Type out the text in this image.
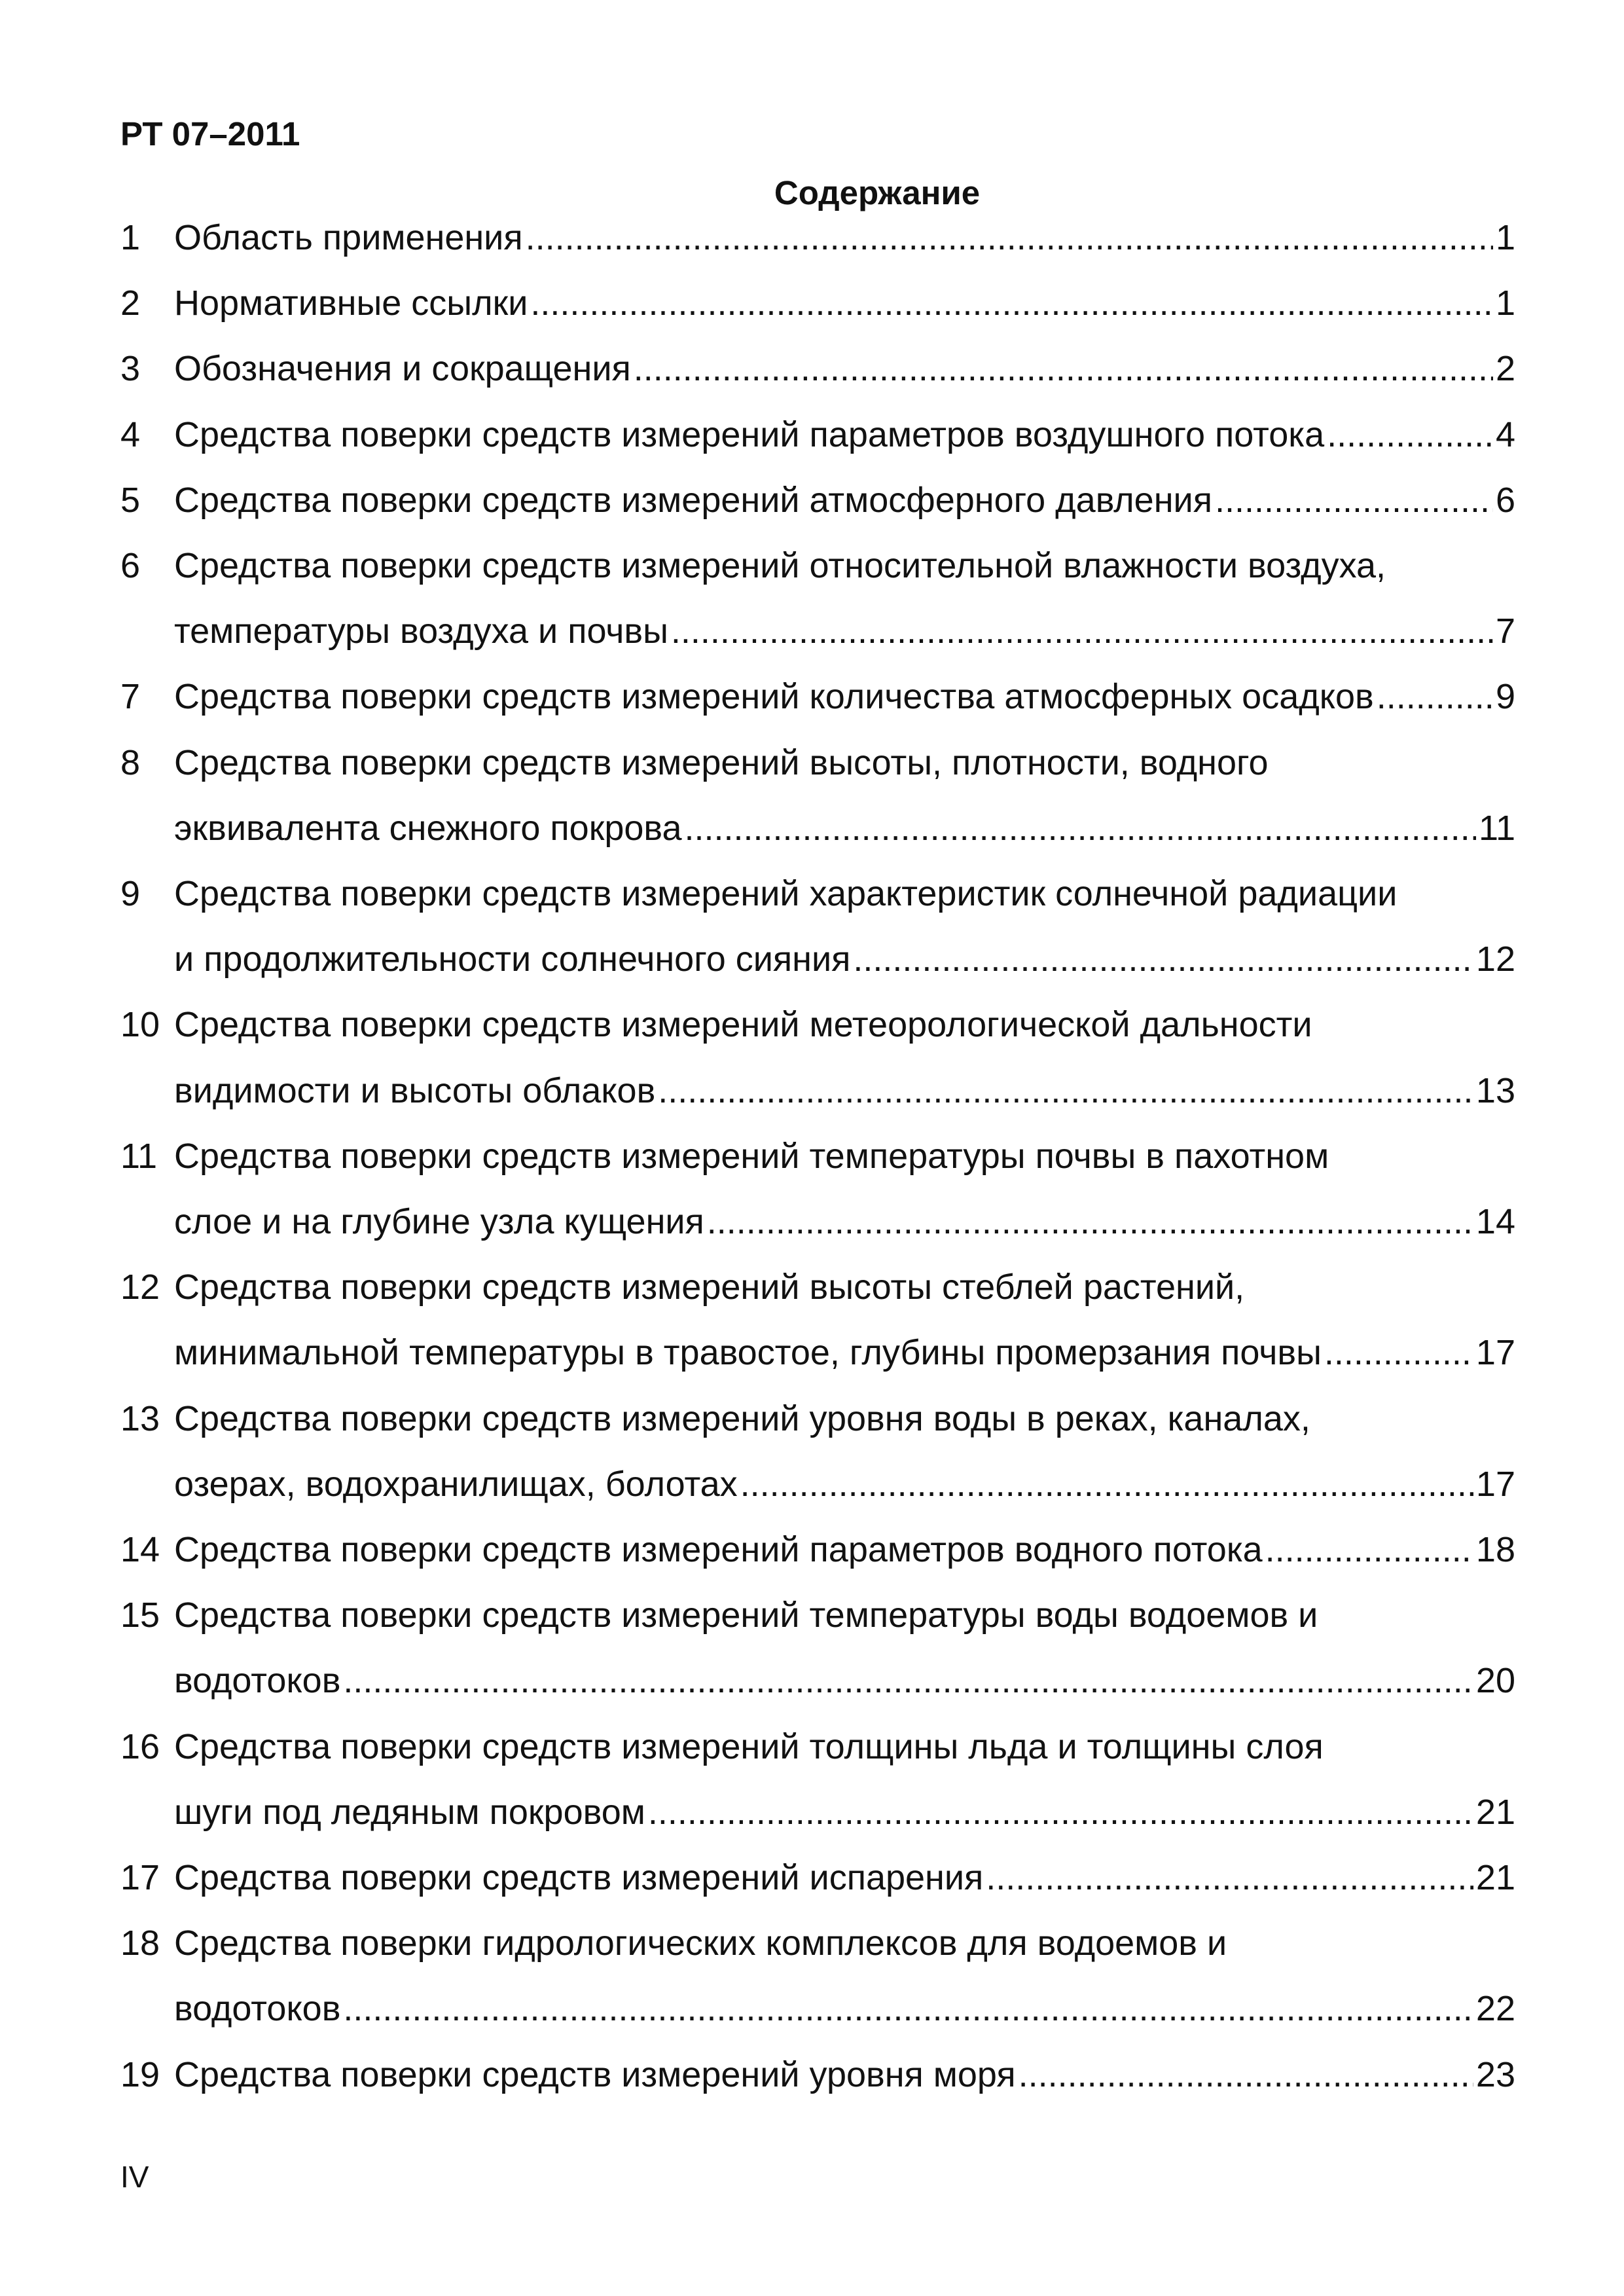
РТ 07–2011
Содержание
1 Область применения .....	1
2 Нормативные ссылки .....	1
3 Обозначения и сокращения .....	2
4 Средства поверки средств измерений параметров воздушного потока .....	4
5 Средства поверки средств измерений атмосферного давления .....	6
6 Средства поверки средств измерений относительной влажности воздуха,
температуры воздуха и почвы .....	7
7 Средства поверки средств измерений количества атмосферных осадков .....	9
8 Средства поверки средств измерений высоты, плотности, водного
эквивалента снежного покрова .....	11
9 Средства поверки средств измерений характеристик солнечной радиации
и продолжительности солнечного сияния .....	12
10 Средства поверки средств измерений метеорологической дальности
видимости и высоты облаков .....	13
11 Средства поверки средств измерений температуры почвы в пахотном
слое и на глубине узла кущения .....	14
12 Средства поверки средств измерений высоты стеблей растений,
минимальной температуры в травостое, глубины промерзания почвы .....	17
13 Средства поверки средств измерений уровня воды в реках, каналах,
озерах, водохранилищах, болотах .....	17
14 Средства поверки средств измерений параметров водного потока .....	18
15 Средства поверки средств измерений температуры воды водоемов и
водотоков .....	20
16 Средства поверки средств измерений толщины льда и толщины слоя
шуги под ледяным покровом .....	21
17 Средства поверки средств измерений испарения .....	21
18 Средства поверки гидрологических комплексов для водоемов и
водотоков .....	22
19 Средства поверки средств измерений уровня моря .....	23
IV
